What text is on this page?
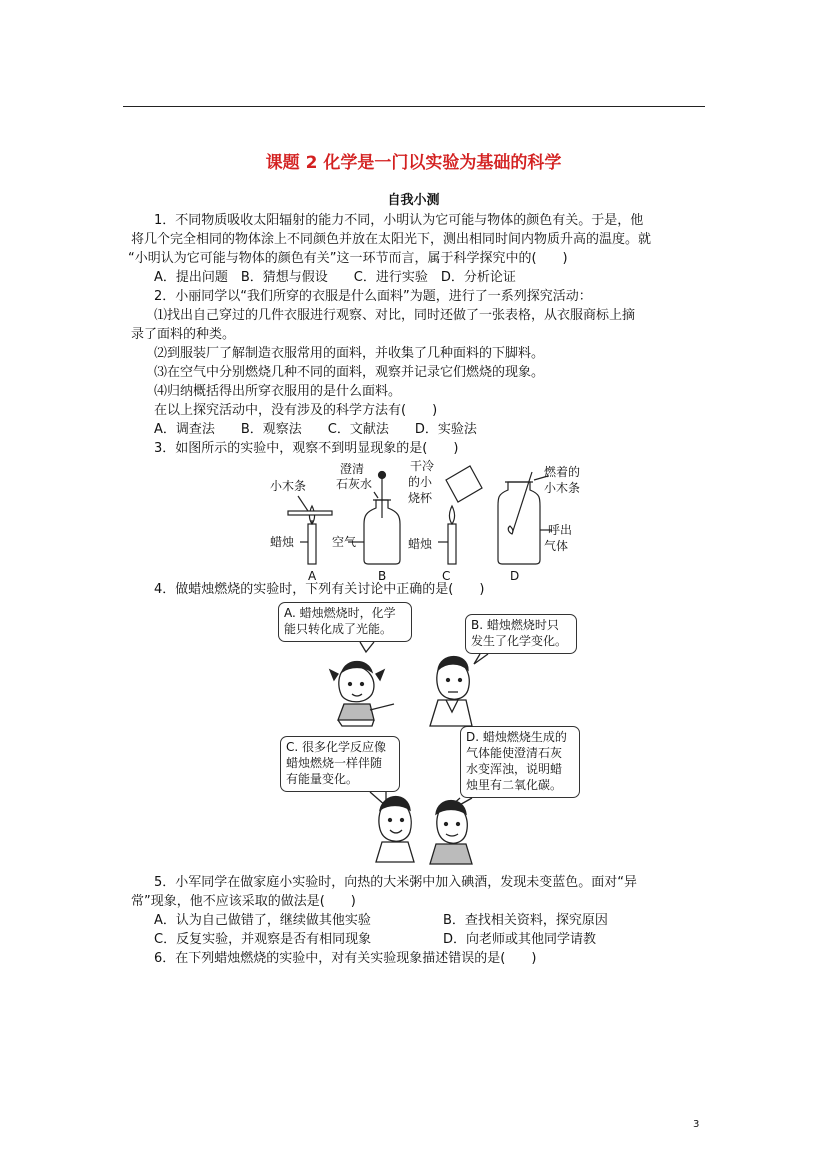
课题 2 化学是一门以实验为基础的科学
自我小测
1．不同物质吸收太阳辐射的能力不同，小明认为它可能与物体的颜色有关。于是，他
将几个完全相同的物体涂上不同颜色并放在太阳光下，测出相同时间内物质升高的温度。就
“小明认为它可能与物体的颜色有关”这一环节而言，属于科学探究中的(　　)
A．提出问题　B．猜想与假设　　C．进行实验　D．分析论证
2．小丽同学以“我们所穿的衣服是什么面料”为题，进行了一系列探究活动：
⑴找出自己穿过的几件衣服进行观察、对比，同时还做了一张表格，从衣服商标上摘
录了面料的种类。
⑵到服装厂了解制造衣服常用的面料，并收集了几种面料的下脚料。
⑶在空气中分别燃烧几种不同的面料，观察并记录它们燃烧的现象。
⑷归纳概括得出所穿衣服用的是什么面料。
在以上探究活动中，没有涉及的科学方法有(　　)
A．调查法　　B．观察法　　C．文献法　　D．实验法
3．如图所示的实验中，观察不到明显现象的是(　　)
小木条
蜡烛
澄清
石灰水
空气
干冷
的小
烧杯
蜡烛
燃着的
小木条
呼出
气体
A	B	C	D
4．做蜡烛燃烧的实验时，下列有关讨论中正确的是(　　)
A. 蜡烛燃烧时，化学
能只转化成了光能。	B. 蜡烛燃烧时只
发生了化学变化。
C. 很多化学反应像
蜡烛燃烧一样伴随
有能量变化。
D. 蜡烛燃烧生成的
气体能使澄清石灰
水变浑浊，说明蜡
烛里有二氧化碳。
5．小军同学在做家庭小实验时，向热的大米粥中加入碘酒，发现未变蓝色。面对“异
常”现象，他不应该采取的做法是(　　)
A．认为自己做错了，继续做其他实验	B．查找相关资料，探究原因
C．反复实验，并观察是否有相同现象	D．向老师或其他同学请教
6．在下列蜡烛燃烧的实验中，对有关实验现象描述错误的是(　　)
3
